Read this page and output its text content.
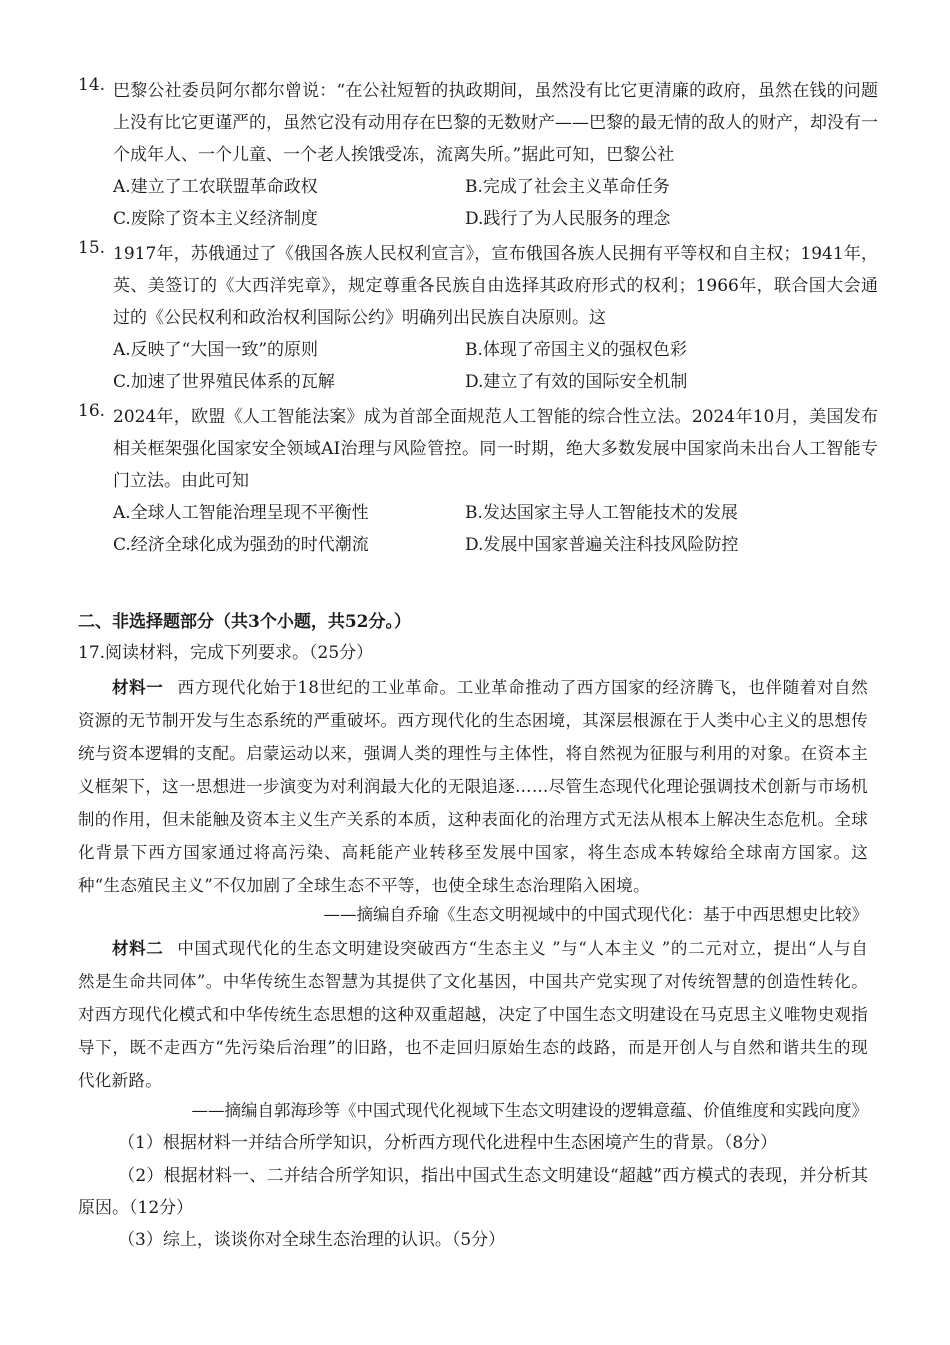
14. 巴黎公社委员阿尔都尔曾说：“在公社短暂的执政期间，虽然没有比它更清廉的政府，虽然在钱的问题上没有比它更谨严的，虽然它没有动用存在巴黎的无数财产——巴黎的最无情的敌人的财产，却没有一个成年人、一个儿童、一个老人挨饿受冻，流离失所。”据此可知，巴黎公社
A.建立了工农联盟革命政权	B.完成了社会主义革命任务
C.废除了资本主义经济制度	D.践行了为人民服务的理念
15. 1917年，苏俄通过了《俄国各族人民权利宣言》，宣布俄国各族人民拥有平等权和自主权；1941年，英、美签订的《大西洋宪章》，规定尊重各民族自由选择其政府形式的权利；1966年，联合国大会通过的《公民权利和政治权利国际公约》明确列出民族自决原则。这
A.反映了“大国一致”的原则	B.体现了帝国主义的强权色彩
C.加速了世界殖民体系的瓦解	D.建立了有效的国际安全机制
16. 2024年，欧盟《人工智能法案》成为首部全面规范人工智能的综合性立法。2024年10月，美国发布相关框架强化国家安全领域AI治理与风险管控。同一时期，绝大多数发展中国家尚未出台人工智能专门立法。由此可知
A.全球人工智能治理呈现不平衡性	B.发达国家主导人工智能技术的发展
C.经济全球化成为强劲的时代潮流	D.发展中国家普遍关注科技风险防控
二、非选择题部分（共3个小题，共52分。）
17.阅读材料，完成下列要求。（25分）
材料一 西方现代化始于18世纪的工业革命。工业革命推动了西方国家的经济腾飞，也伴随着对自然资源的无节制开发与生态系统的严重破坏。西方现代化的生态困境，其深层根源在于人类中心主义的思想传统与资本逻辑的支配。启蒙运动以来，强调人类的理性与主体性，将自然视为征服与利用的对象。在资本主义框架下，这一思想进一步演变为对利润最大化的无限追逐……尽管生态现代化理论强调技术创新与市场机制的作用，但未能触及资本主义生产关系的本质，这种表面化的治理方式无法从根本上解决生态危机。全球化背景下西方国家通过将高污染、高耗能产业转移至发展中国家，将生态成本转嫁给全球南方国家。这种“生态殖民主义”不仅加剧了全球生态不平等，也使全球生态治理陷入困境。
——摘编自乔瑜《生态文明视域中的中国式现代化：基于中西思想史比较》
材料二 中国式现代化的生态文明建设突破西方“生态主义 ”与“人本主义 ”的二元对立，提出“人与自然是生命共同体”。中华传统生态智慧为其提供了文化基因，中国共产党实现了对传统智慧的创造性转化。对西方现代化模式和中华传统生态思想的这种双重超越，决定了中国生态文明建设在马克思主义唯物史观指导下，既不走西方“先污染后治理”的旧路，也不走回归原始生态的歧路，而是开创人与自然和谐共生的现代化新路。
——摘编自郭海珍等《中国式现代化视域下生态文明建设的逻辑意蕴、价值维度和实践向度》
（1）根据材料一并结合所学知识，分析西方现代化进程中生态困境产生的背景。（8分）
（2）根据材料一、二并结合所学知识，指出中国式生态文明建设“超越”西方模式的表现，并分析其原因。（12分）
（3）综上，谈谈你对全球生态治理的认识。（5分）
